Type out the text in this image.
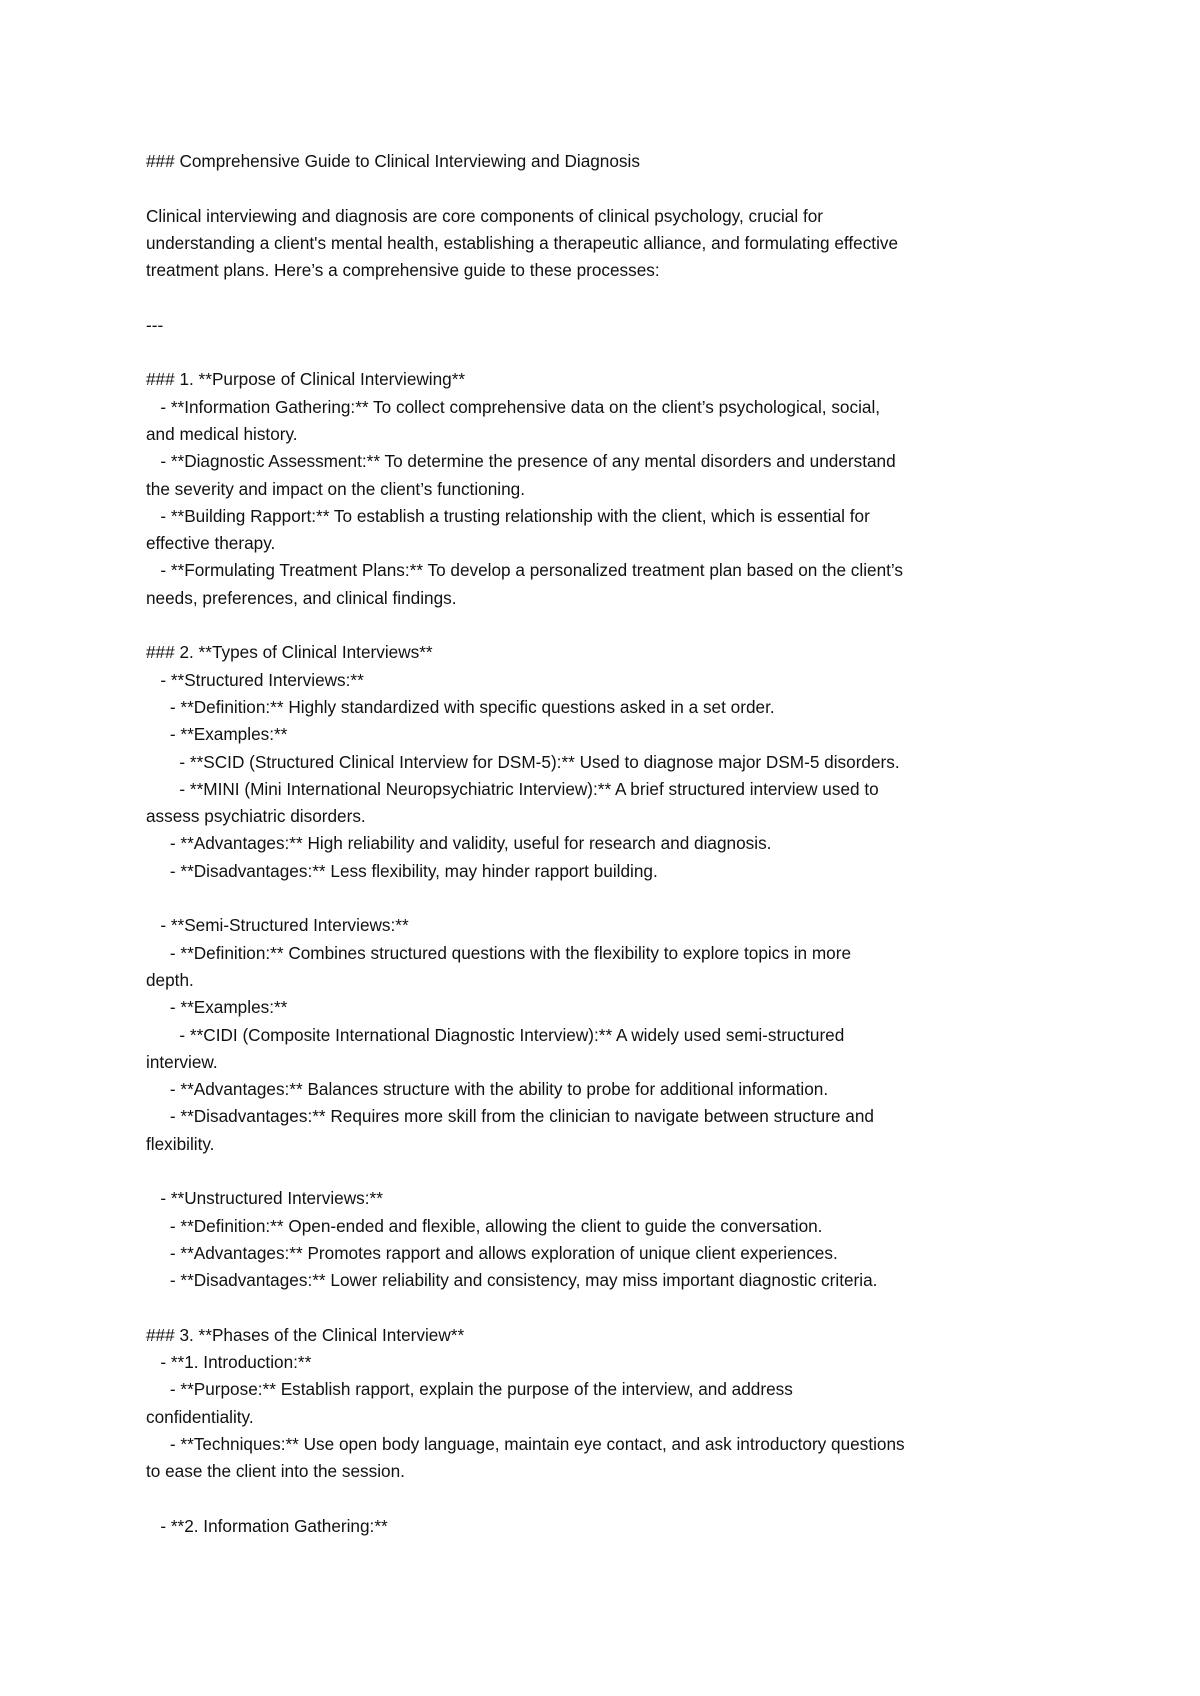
### Comprehensive Guide to Clinical Interviewing and Diagnosis
Clinical interviewing and diagnosis are core components of clinical psychology, crucial for
understanding a client's mental health, establishing a therapeutic alliance, and formulating effective
treatment plans. Here’s a comprehensive guide to these processes:
---
### 1. **Purpose of Clinical Interviewing**
- **Information Gathering:** To collect comprehensive data on the client’s psychological, social,
and medical history.
- **Diagnostic Assessment:** To determine the presence of any mental disorders and understand
the severity and impact on the client’s functioning.
- **Building Rapport:** To establish a trusting relationship with the client, which is essential for
effective therapy.
- **Formulating Treatment Plans:** To develop a personalized treatment plan based on the client’s
needs, preferences, and clinical findings.
### 2. **Types of Clinical Interviews**
- **Structured Interviews:**
- **Definition:** Highly standardized with specific questions asked in a set order.
- **Examples:**
- **SCID (Structured Clinical Interview for DSM-5):** Used to diagnose major DSM-5 disorders.
- **MINI (Mini International Neuropsychiatric Interview):** A brief structured interview used to
assess psychiatric disorders.
- **Advantages:** High reliability and validity, useful for research and diagnosis.
- **Disadvantages:** Less flexibility, may hinder rapport building.
- **Semi-Structured Interviews:**
- **Definition:** Combines structured questions with the flexibility to explore topics in more
depth.
- **Examples:**
- **CIDI (Composite International Diagnostic Interview):** A widely used semi-structured
interview.
- **Advantages:** Balances structure with the ability to probe for additional information.
- **Disadvantages:** Requires more skill from the clinician to navigate between structure and
flexibility.
- **Unstructured Interviews:**
- **Definition:** Open-ended and flexible, allowing the client to guide the conversation.
- **Advantages:** Promotes rapport and allows exploration of unique client experiences.
- **Disadvantages:** Lower reliability and consistency, may miss important diagnostic criteria.
### 3. **Phases of the Clinical Interview**
- **1. Introduction:**
- **Purpose:** Establish rapport, explain the purpose of the interview, and address
confidentiality.
- **Techniques:** Use open body language, maintain eye contact, and ask introductory questions
to ease the client into the session.
- **2. Information Gathering:**
